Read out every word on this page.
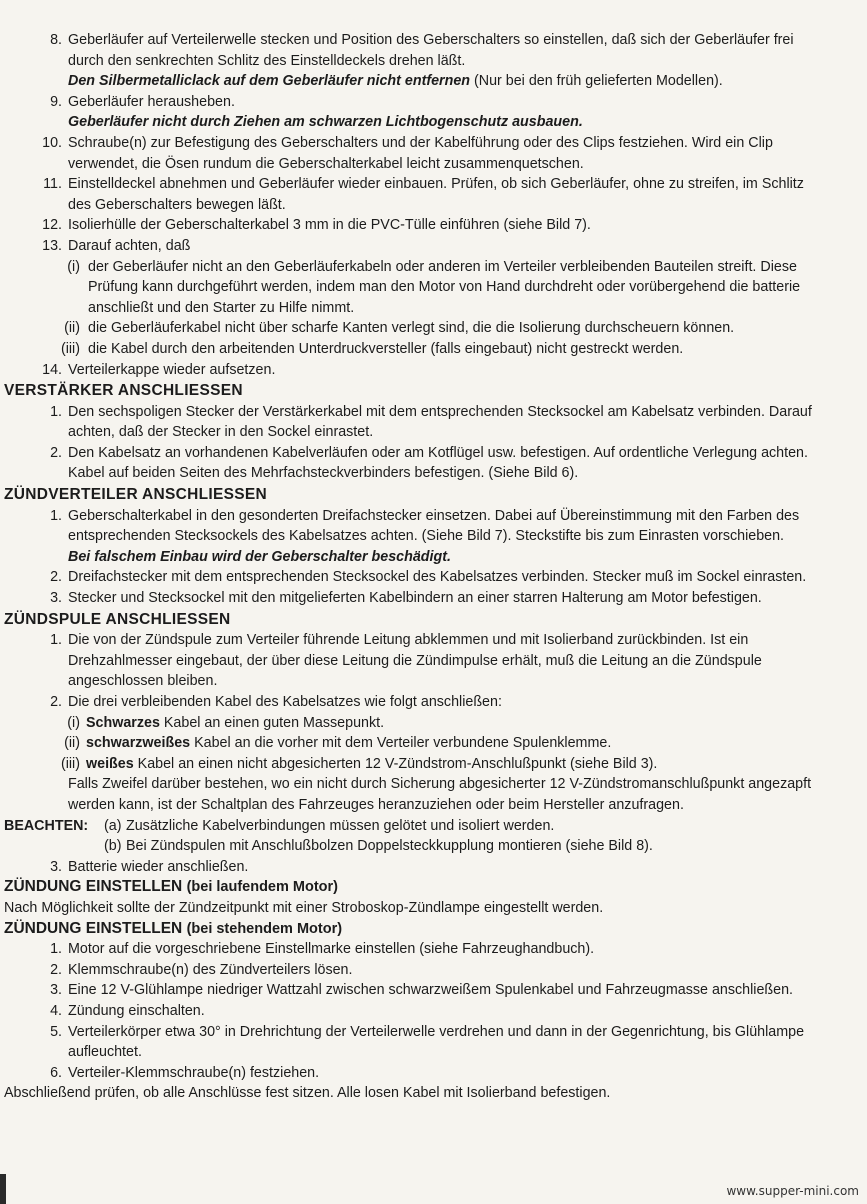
8. Geberläufer auf Verteilerwelle stecken und Position des Geberschalters so einstellen, daß sich der Geberläufer frei durch den senkrechten Schlitz des Einstelldeckels drehen läßt.
Den Silbermetalliclack auf dem Geberläufer nicht entfernen (Nur bei den früh gelieferten Modellen).
9. Geberläufer herausheben.
Geberläufer nicht durch Ziehen am schwarzen Lichtbogenschutz ausbauen.
10. Schraube(n) zur Befestigung des Geberschalters und der Kabelführung oder des Clips festziehen. Wird ein Clip verwendet, die Ösen rundum die Geberschalterkabel leicht zusammenquetschen.
11. Einstelldeckel abnehmen und Geberläufer wieder einbauen. Prüfen, ob sich Geberläufer, ohne zu streifen, im Schlitz des Geberschalters bewegen läßt.
12. Isolierhülle der Geberschalterkabel 3 mm in die PVC-Tülle einführen (siehe Bild 7).
13. Darauf achten, daß
(i) der Geberläufer nicht an den Geberläuferkabeln oder anderen im Verteiler verbleibenden Bauteilen streift. Diese Prüfung kann durchgeführt werden, indem man den Motor von Hand durchdreht oder vorübergehend die batterie anschließt und den Starter zu Hilfe nimmt.
(ii) die Geberläuferkabel nicht über scharfe Kanten verlegt sind, die die Isolierung durchscheuern können.
(iii) die Kabel durch den arbeitenden Unterdruckversteller (falls eingebaut) nicht gestreckt werden.
14. Verteilerkappe wieder aufsetzen.
VERSTÄRKER ANSCHLIESSEN
1. Den sechspoligen Stecker der Verstärkerkabel mit dem entsprechenden Stecksockel am Kabelsatz verbinden. Darauf achten, daß der Stecker in den Sockel einrastet.
2. Den Kabelsatz an vorhandenen Kabelverläufen oder am Kotflügel usw. befestigen. Auf ordentliche Verlegung achten. Kabel auf beiden Seiten des Mehrfachsteckverbinders befestigen. (Siehe Bild 6).
ZÜNDVERTEILER ANSCHLIESSEN
1. Geberschalterkabel in den gesonderten Dreifachstecker einsetzen. Dabei auf Übereinstimmung mit den Farben des entsprechenden Stecksockels des Kabelsatzes achten. (Siehe Bild 7). Steckstifte bis zum Einrasten vorschieben.
Bei falschem Einbau wird der Geberschalter beschädigt.
2. Dreifachstecker mit dem entsprechenden Stecksockel des Kabelsatzes verbinden. Stecker muß im Sockel einrasten.
3. Stecker und Stecksockel mit den mitgelieferten Kabelbindern an einer starren Halterung am Motor befestigen.
ZÜNDSPULE ANSCHLIESSEN
1. Die von der Zündspule zum Verteiler führende Leitung abklemmen und mit Isolierband zurückbinden. Ist ein Drehzahlmesser eingebaut, der über diese Leitung die Zündimpulse erhält, muß die Leitung an die Zündspule angeschlossen bleiben.
2. Die drei verbleibenden Kabel des Kabelsatzes wie folgt anschließen:
(i) Schwarzes Kabel an einen guten Massepunkt.
(ii) schwarzweißes Kabel an die vorher mit dem Verteiler verbundene Spulenklemme.
(iii) weißes Kabel an einen nicht abgesicherten 12 V-Zündstrom-Anschlußpunkt (siehe Bild 3).
Falls Zweifel darüber bestehen, wo ein nicht durch Sicherung abgesicherter 12 V-Zündstromanschlußpunkt angezapft werden kann, ist der Schaltplan des Fahrzeuges heranzuziehen oder beim Hersteller anzufragen.
BEACHTEN: (a) Zusätzliche Kabelverbindungen müssen gelötet und isoliert werden.
(b) Bei Zündspulen mit Anschlußbolzen Doppelsteckkupplung montieren (siehe Bild 8).
3. Batterie wieder anschließen.
ZÜNDUNG EINSTELLEN (bei laufendem Motor)
Nach Möglichkeit sollte der Zündzeitpunkt mit einer Stroboskop-Zündlampe eingestellt werden.
ZÜNDUNG EINSTELLEN (bei stehendem Motor)
1. Motor auf die vorgeschriebene Einstellmarke einstellen (siehe Fahrzeughandbuch).
2. Klemmschraube(n) des Zündverteilers lösen.
3. Eine 12 V-Glühlampe niedriger Wattzahl zwischen schwarzweißem Spulenkabel und Fahrzeugmasse anschließen.
4. Zündung einschalten.
5. Verteilerkörper etwa 30° in Drehrichtung der Verteilerwelle verdrehen und dann in der Gegenrichtung, bis Glühlampe aufleuchtet.
6. Verteiler-Klemmschraube(n) festziehen.
Abschließend prüfen, ob alle Anschlüsse fest sitzen. Alle losen Kabel mit Isolierband befestigen.
www.supper-mini.com
